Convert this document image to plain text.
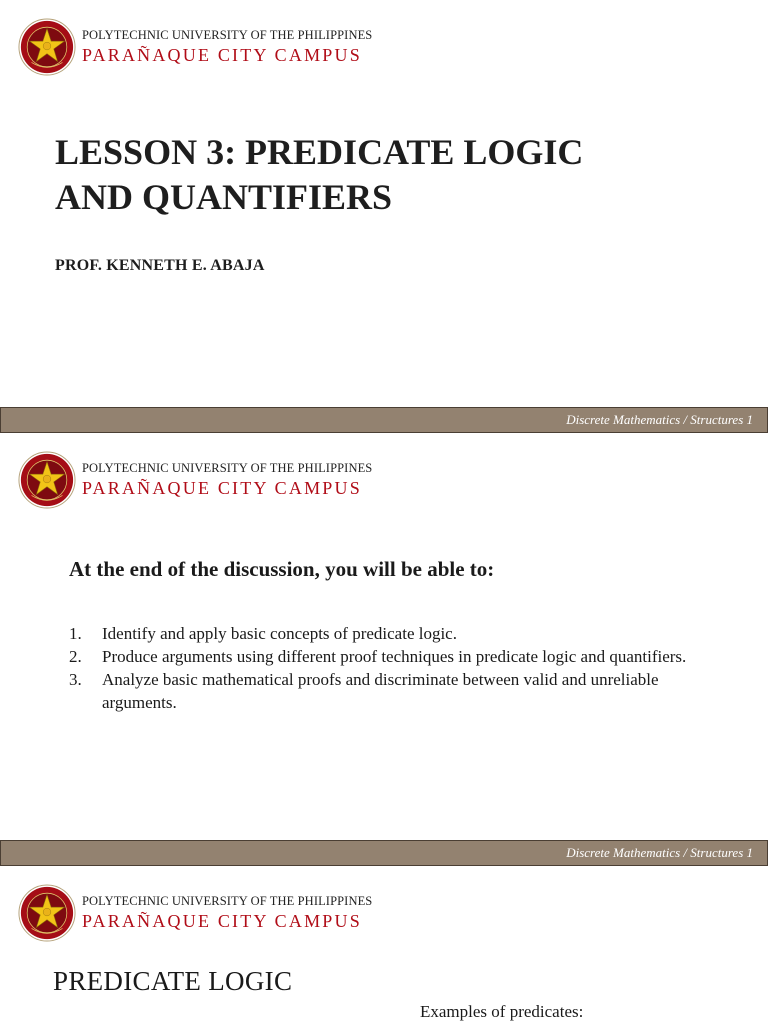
POLYTECHNIC UNIVERSITY OF THE PHILIPPINES
PARAÑAQUE CITY CAMPUS
LESSON 3: PREDICATE LOGIC
AND QUANTIFIERS

PROF. KENNETH E. ABAJA

Discrete Mathematics / Structures 1
POLYTECHNIC UNIVERSITY OF THE PHILIPPINES
PARAÑAQUE CITY CAMPUS
At the end of the discussion, you will be able to:
1. Identify and apply basic concepts of predicate logic.
2. Produce arguments using different proof techniques in predicate logic and quantifiers.
3. Analyze basic mathematical proofs and discriminate between valid and unreliable arguments.
Discrete Mathematics / Structures 1
POLYTECHNIC UNIVERSITY OF THE PHILIPPINES
PARAÑAQUE CITY CAMPUS
PREDICATE LOGIC
Examples of predicates:
